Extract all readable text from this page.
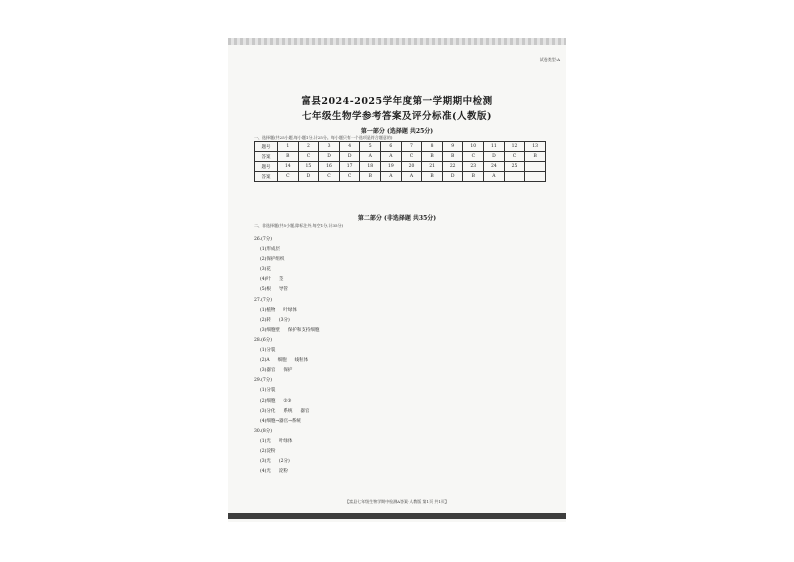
试卷类型:A
富县2024-2025学年度第一学期期中检测
七年级生物学参考答案及评分标准(人教版)
第一部分 (选择题 共25分)
一、选择题(共25小题,每小题1分,计25分。每小题只有一个选项是符合题意的)
题号	1	2	3	4	5	6	7	8	9	10	11	12	13
答案	B	C	D	D	A	A	C	B	B	C	D	C	B
题号	14	15	16	17	18	19	20	21	22	23	24	25	
答案	C	D	C	C	B	A	A	B	D	B	A		
第二部分 (非选择题 共35分)
二、非选择题(共5小题,除标注外,每空1分,计35分)
26.(7分)
(1)形成层
(2)保护组织
(3)花
(4)叶 茎
(5)根 导管
27.(7分)
(1)植物 叶绿体
(2)转 (3分)
(3)细胞壁 保护和支持细胞
28.(6分)
(1)分裂
(2)A 细胞 线粒体
(3)器官 保护
29.(7分)
(1)分裂
(2)细胞 ②③
(3)分化 系统 器官
(4)细胞→器官→系统
30.(8分)
(1)光 叶绿体
(2)淀粉
(3)光 (2分)
(4)光 淀粉
【富县七年级生物学期中检测A答案·人教版 第1页 共1页】
